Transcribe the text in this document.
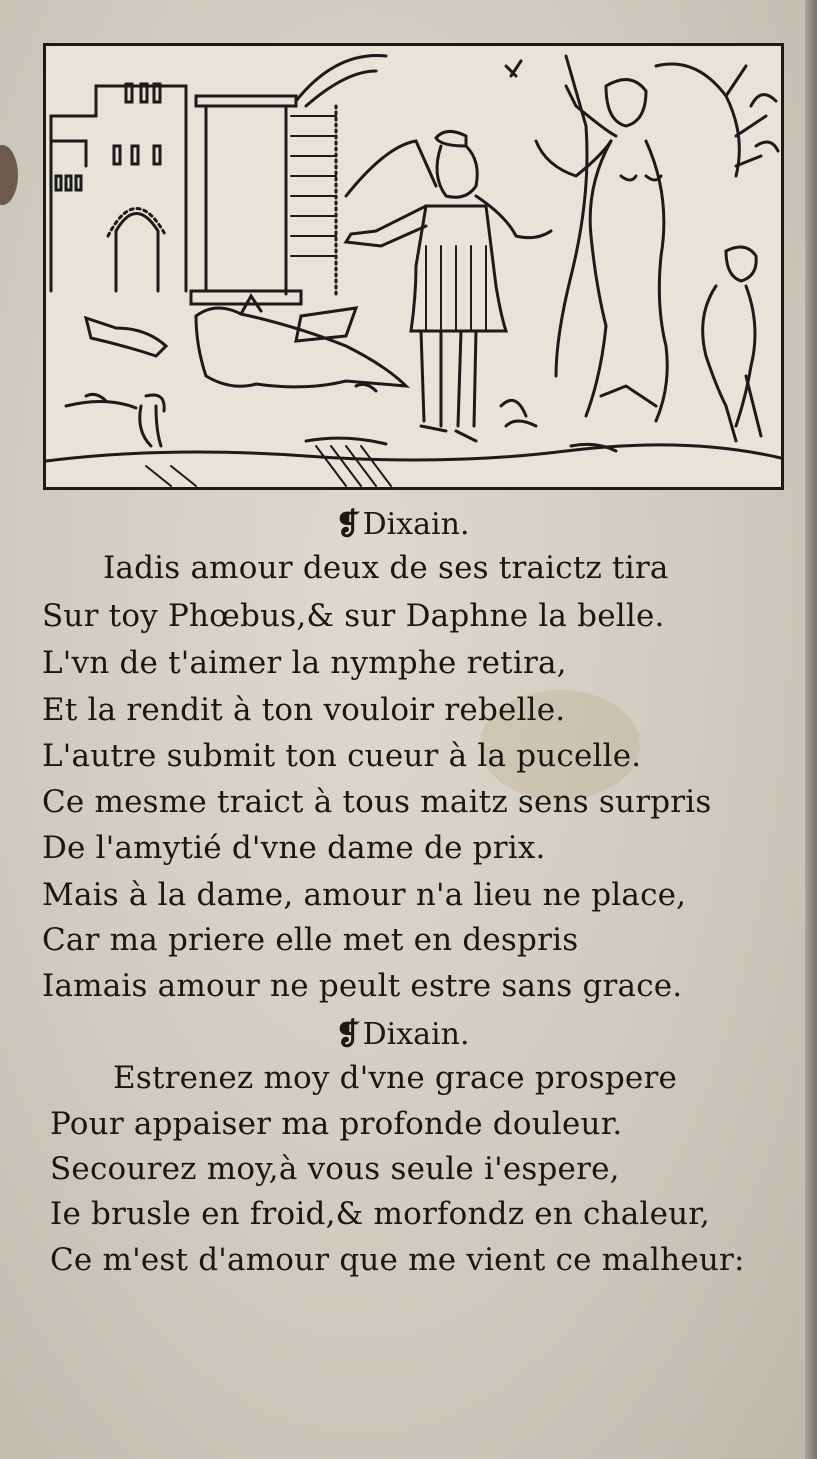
❡Dixain.
Iadis amour deux de ses traictz tira
Sur toy Phœbus,& sur Daphne la belle.
L'vn de t'aimer la nymphe retira,
Et la rendit à ton vouloir rebelle.
L'autre submit ton cueur à la pucelle.
Ce mesme traict à tous maitz sens surpris
De l'amytié d'vne dame de prix.
Mais à la dame, amour n'a lieu ne place,
Car ma priere elle met en despris
Iamais amour ne peult estre sans grace.
❡Dixain.
Estrenez moy d'vne grace prospere
Pour appaiser ma profonde douleur.
Secourez moy,à vous seule i'espere,
Ie brusle en froid,& morfondz en chaleur,
Ce m'est d'amour que me vient ce malheur:
